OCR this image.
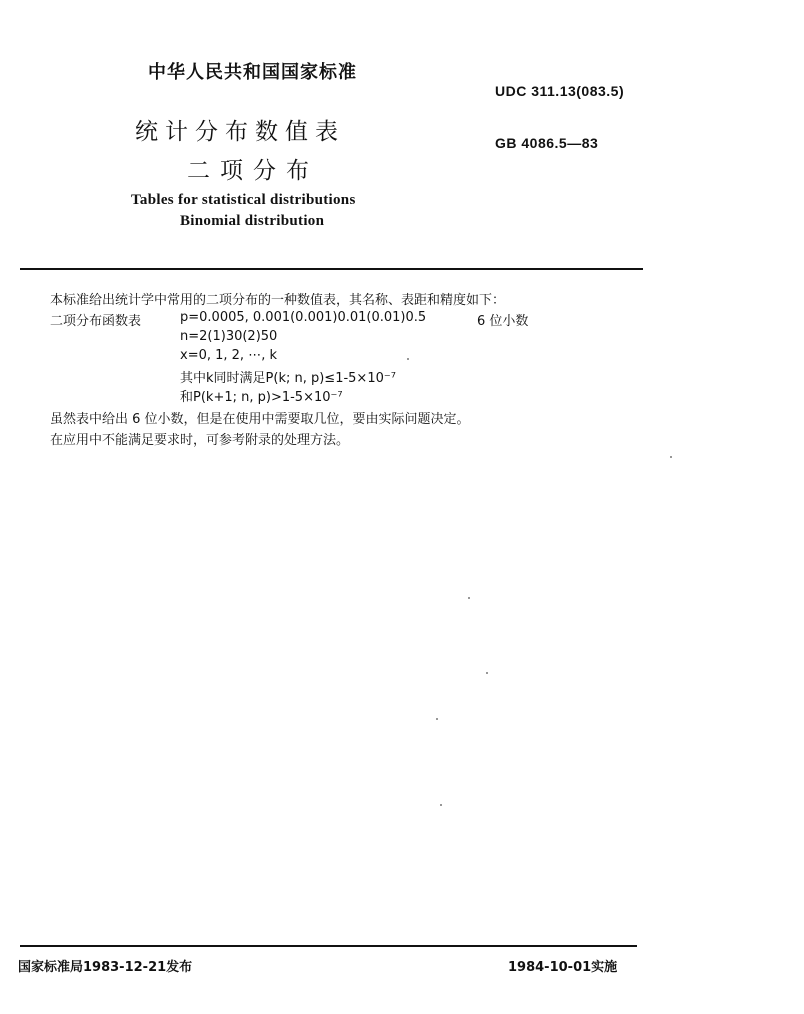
中华人民共和国国家标准
UDC 311.13(083.5)
统计分布数值表	GB 4086.5—83
二项分布
Tables for statistical distributions
Binomial distribution
本标准给出统计学中常用的二项分布的一种数值表，其名称、表距和精度如下：
二项分布函数表	p=0.0005, 0.001(0.001)0.01(0.01)0.5	6 位小数
n=2(1)30(2)50
x=0, 1, 2, ⋯, k
其中k同时满足P(k; n, p)≤1-5×10⁻⁷
和P(k+1; n, p)>1-5×10⁻⁷
虽然表中给出 6 位小数，但是在使用中需要取几位，要由实际问题决定。
在应用中不能满足要求时，可参考附录的处理方法。
国家标准局1983-12-21发布	1984-10-01实施
